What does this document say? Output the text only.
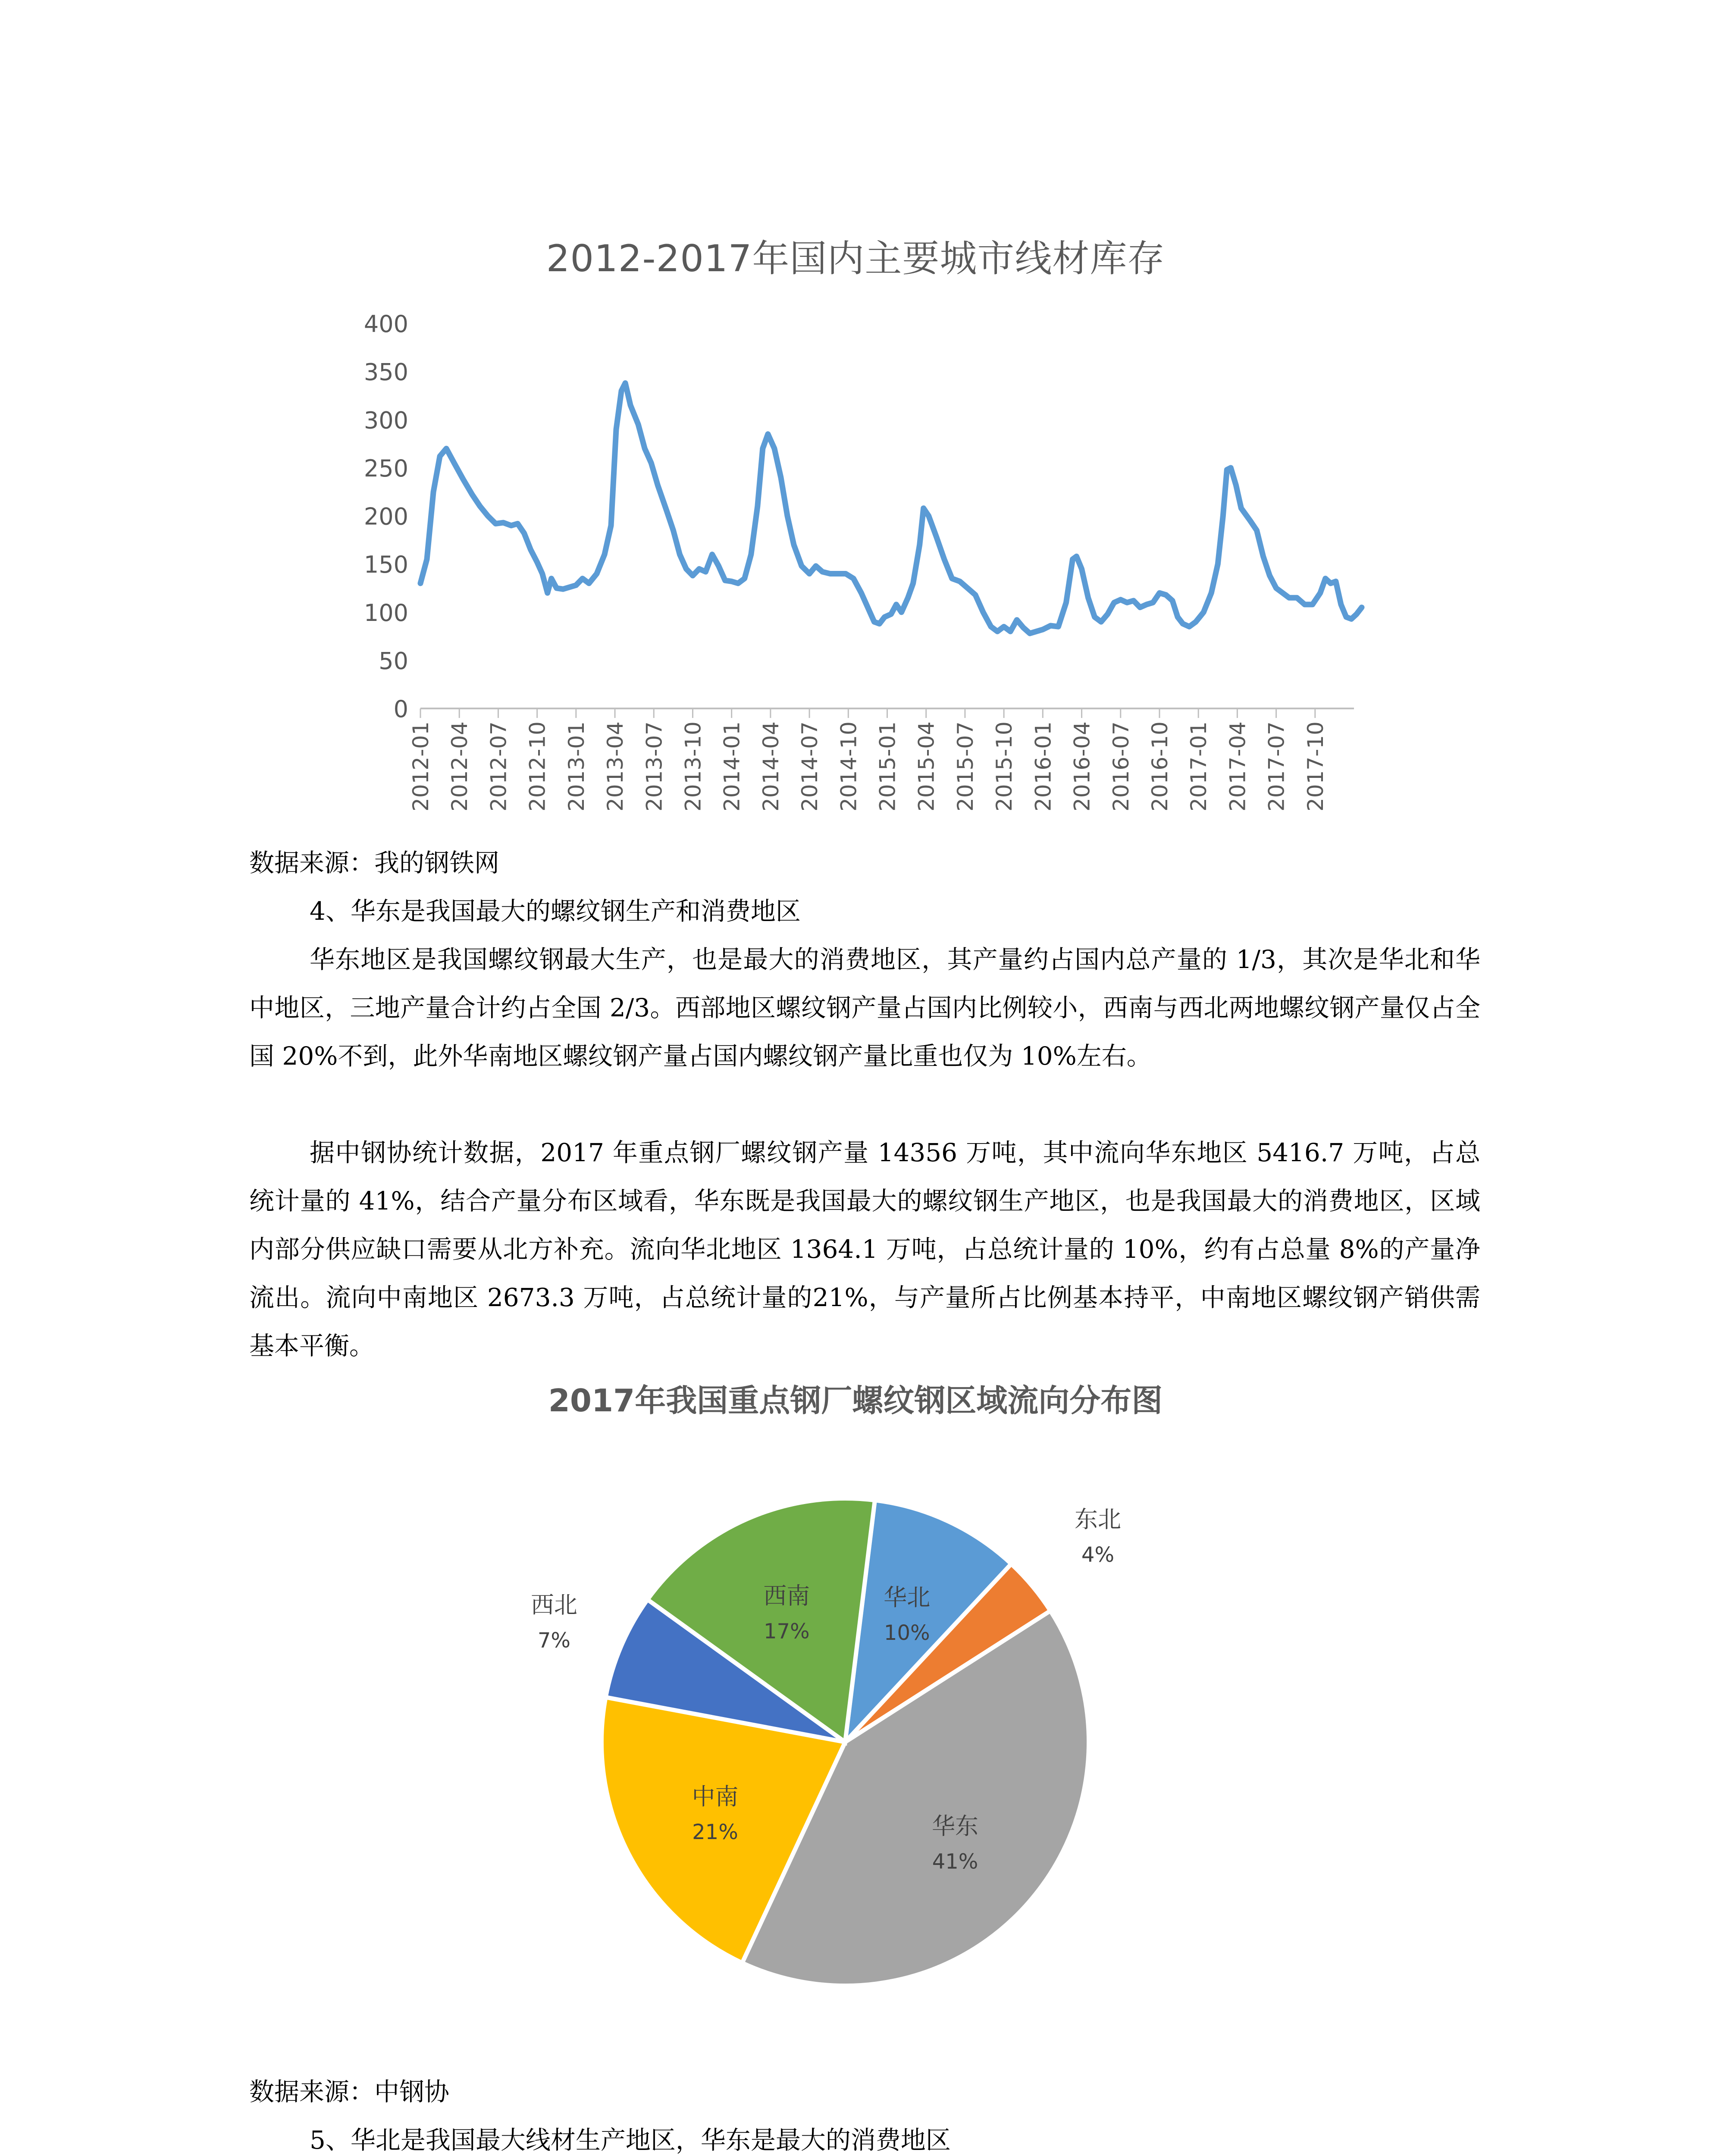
2012-2017年国内主要城市线材库存
0
50
100
150
200
250
300
350
400
2012-01 2012-04 2012-07 2012-10 2013-01 2013-04 2013-07 2013-10 2014-01 2014-04 2014-07 2014-10 2015-01 2015-04 2015-07 2015-10 2016-01 2016-04 2016-07 2016-10 2017-01 2017-04 2017-07 2017-10
数据来源：我的钢铁网
4、华东是我国最大的螺纹钢生产和消费地区
华东地区是我国螺纹钢最大生产，也是最大的消费地区，其产量约占国内总产量的 1/3，其次是华北和华中地区，三地产量合计约占全国 2/3。西部地区螺纹钢产量占国内比例较小，西南与西北两地螺纹钢产量仅占全国 20%不到，此外华南地区螺纹钢产量占国内螺纹钢产量比重也仅为 10%左右。
据中钢协统计数据，2017 年重点钢厂螺纹钢产量 14356 万吨，其中流向华东地区 5416.7 万吨，占总统计量的 41%，结合产量分布区域看，华东既是我国最大的螺纹钢生产地区，也是我国最大的消费地区，区域内部分供应缺口需要从北方补充。流向华北地区 1364.1 万吨，占总统计量的 10%，约有占总量 8%的产量净流出。流向中南地区 2673.3 万吨，占总统计量的21%，与产量所占比例基本持平，中南地区螺纹钢产销供需基本平衡。
2017年我国重点钢厂螺纹钢区域流向分布图
华北
10%
东北
4%
华东
41%
中南
21%
西北
7%
西南
17%
数据来源：中钢协
5、华北是我国最大线材生产地区，华东是最大的消费地区
